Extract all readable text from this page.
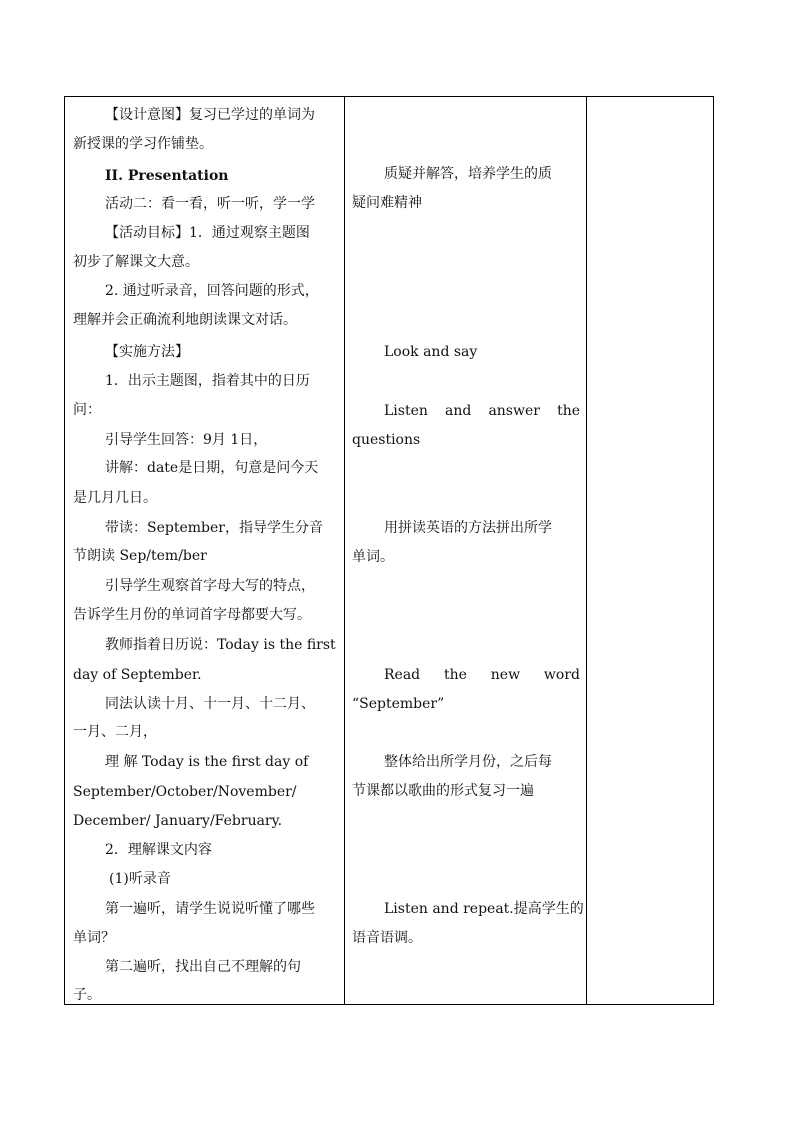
【设计意图】复习已学过的单词为
新授课的学习作铺垫。
II. Presentation
活动二：看一看，听一听，学一学
【活动目标】1．通过观察主题图
初步了解课文大意。
2. 通过听录音，回答问题的形式，
理解并会正确流利地朗读课文对话。
【实施方法】
1．出示主题图，指着其中的日历
问：
引导学生回答：9月 1日，
讲解：date是日期，句意是问今天
是几月几日。
带读：September，指导学生分音
节朗读 Sep/tem/ber
引导学生观察首字母大写的特点，
告诉学生月份的单词首字母都要大写。
教师指着日历说：Today is the first
day of September.
同法认读十月、十一月、十二月、
一月、二月，
理 解 Today is the first day of
September/October/November/
December/ January/February.
2．理解课文内容
(1)听录音
第一遍听，请学生说说听懂了哪些
单词？
第二遍听，找出自己不理解的句
子。
质疑并解答，培养学生的质
疑问难精神
Look and say
Listen and answer the
questions
用拼读英语的方法拼出所学
单词。
Read the new word
“September”
整体给出所学月份，之后每
节课都以歌曲的形式复习一遍
Listen and repeat.提高学生的
语音语调。
